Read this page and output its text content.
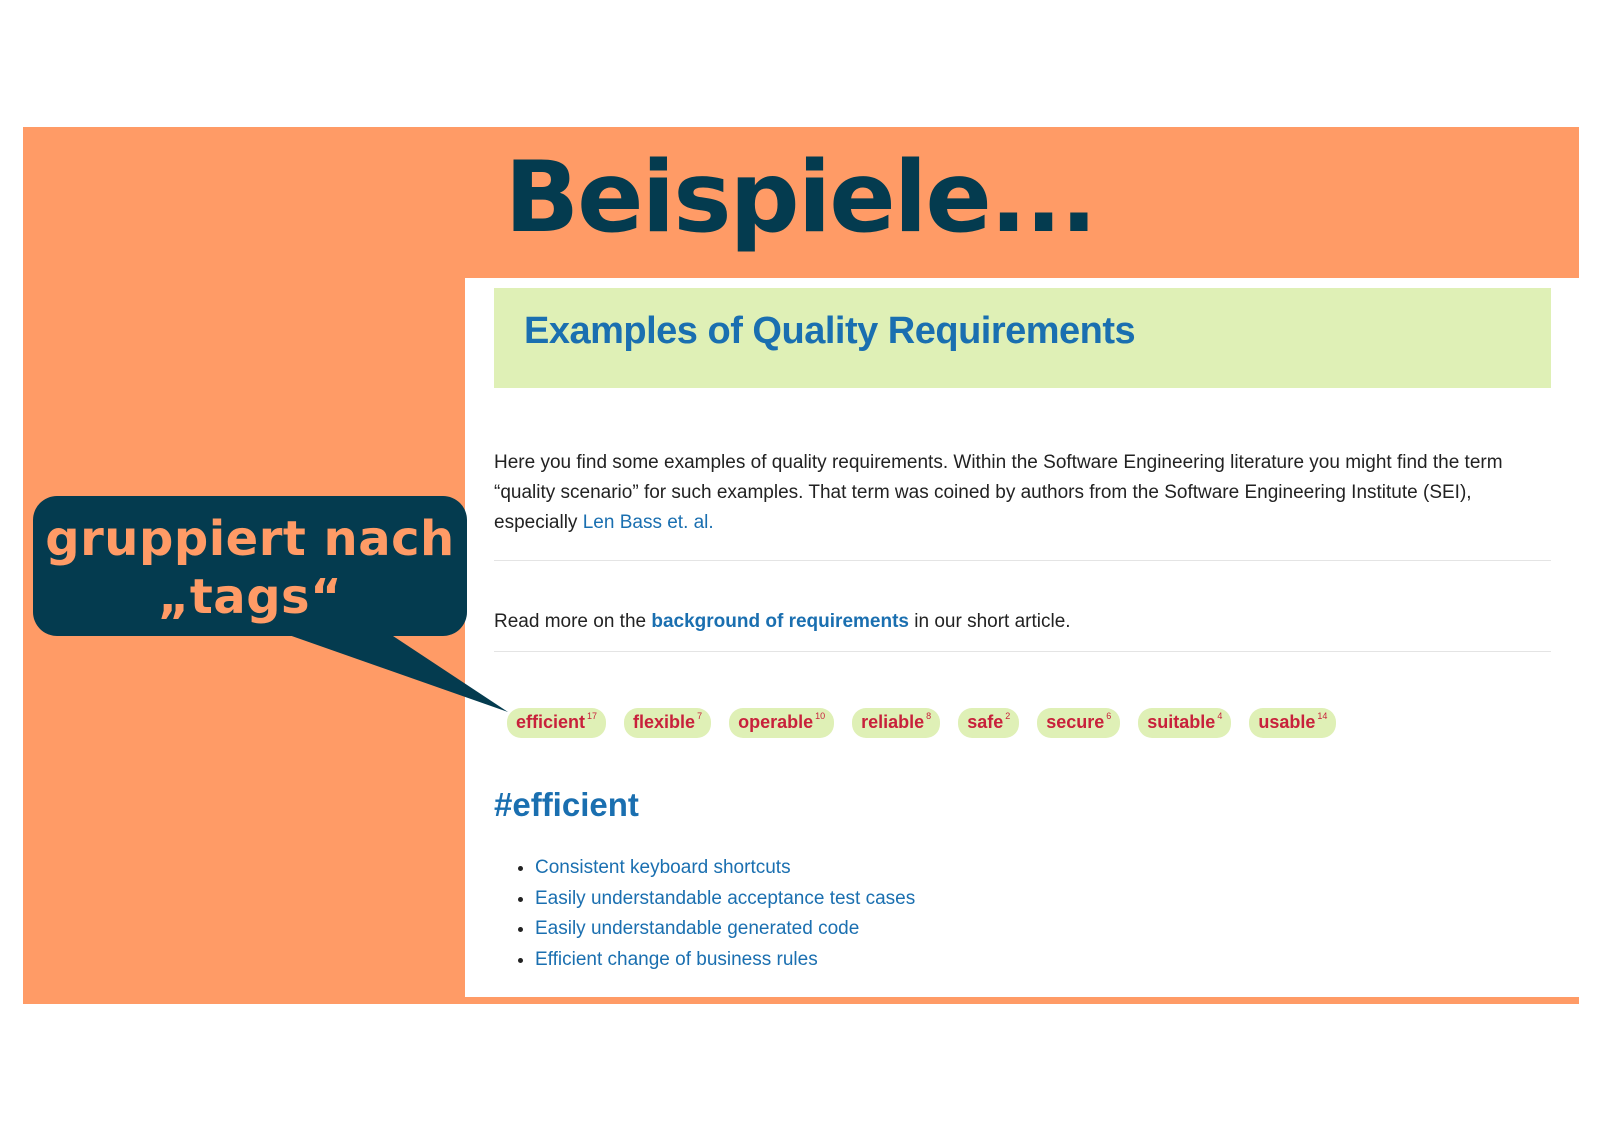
Beispiele...
Examples of Quality Requirements

Here you find some examples of quality requirements. Within the Software Engineering literature you might find the term “quality scenario” for such examples. That term was coined by authors from the Software Engineering Institute (SEI), especially Len Bass et. al.

Read more on the background of requirements in our short article.

efficient $^{17}$	flexible $^7$	operable $^{10}$	reliable $^8$	safe $^2$	secure $^6$	suitable $^4$	usable $^{14}$
#efficient
• Consistent keyboard shortcuts
• Easily understandable acceptance test cases
• Easily understandable generated code
• Efficient change of business rules

gruppiert nach
„tags“
